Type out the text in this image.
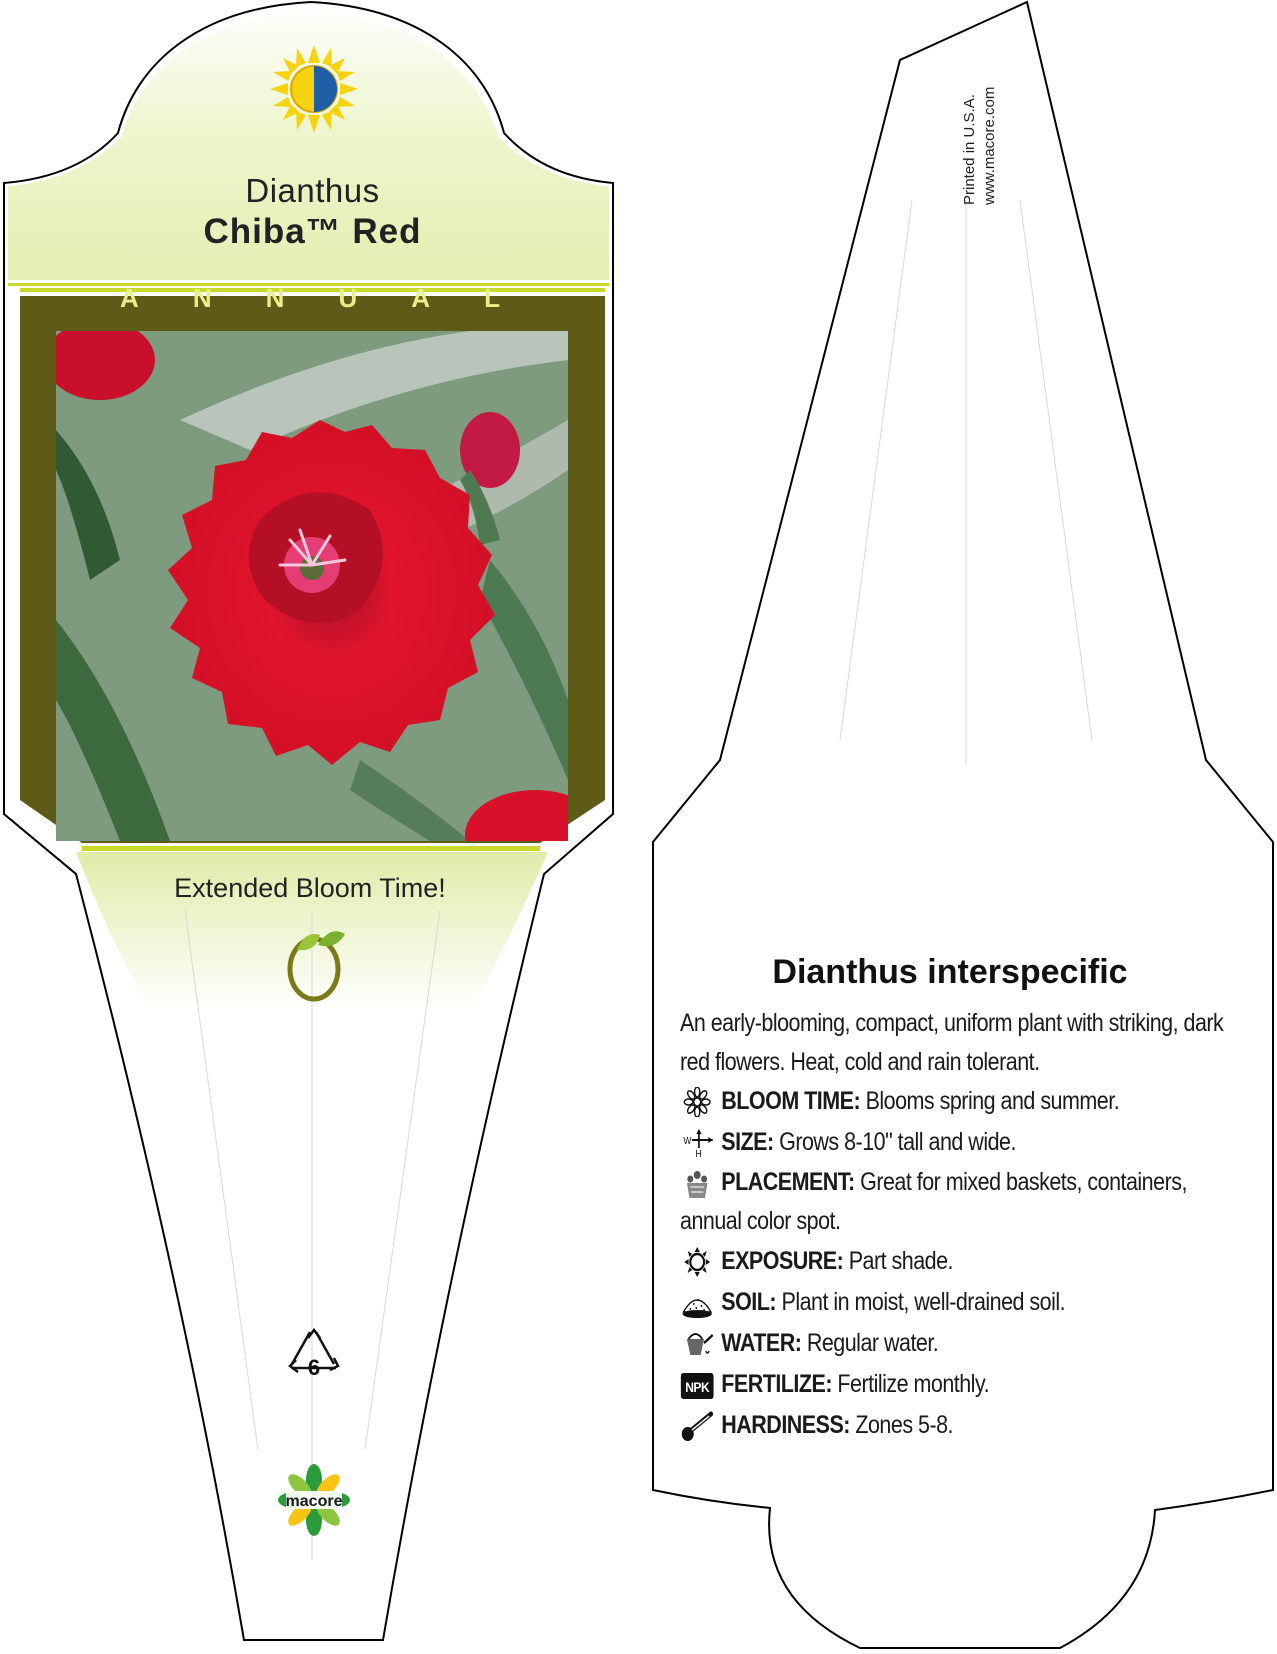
macore
Dianthus
Chiba™ Red
A N N U A L
Extended Bloom Time!
6
Printed in U.S.A. www.macore.com
Dianthus interspecific
An early-blooming, compact, uniform plant with striking, dark red flowers. Heat, cold and rain tolerant.
BLOOM TIME: Blooms spring and summer.
W
H SIZE: Grows 8-10" tall and wide.
PLACEMENT: Great for mixed baskets, containers,
annual color spot.
EXPOSURE: Part shade.
SOIL: Plant in moist, well-drained soil.
WATER: Regular water.
NPK FERTILIZE: Fertilize monthly.
HARDINESS: Zones 5-8.
